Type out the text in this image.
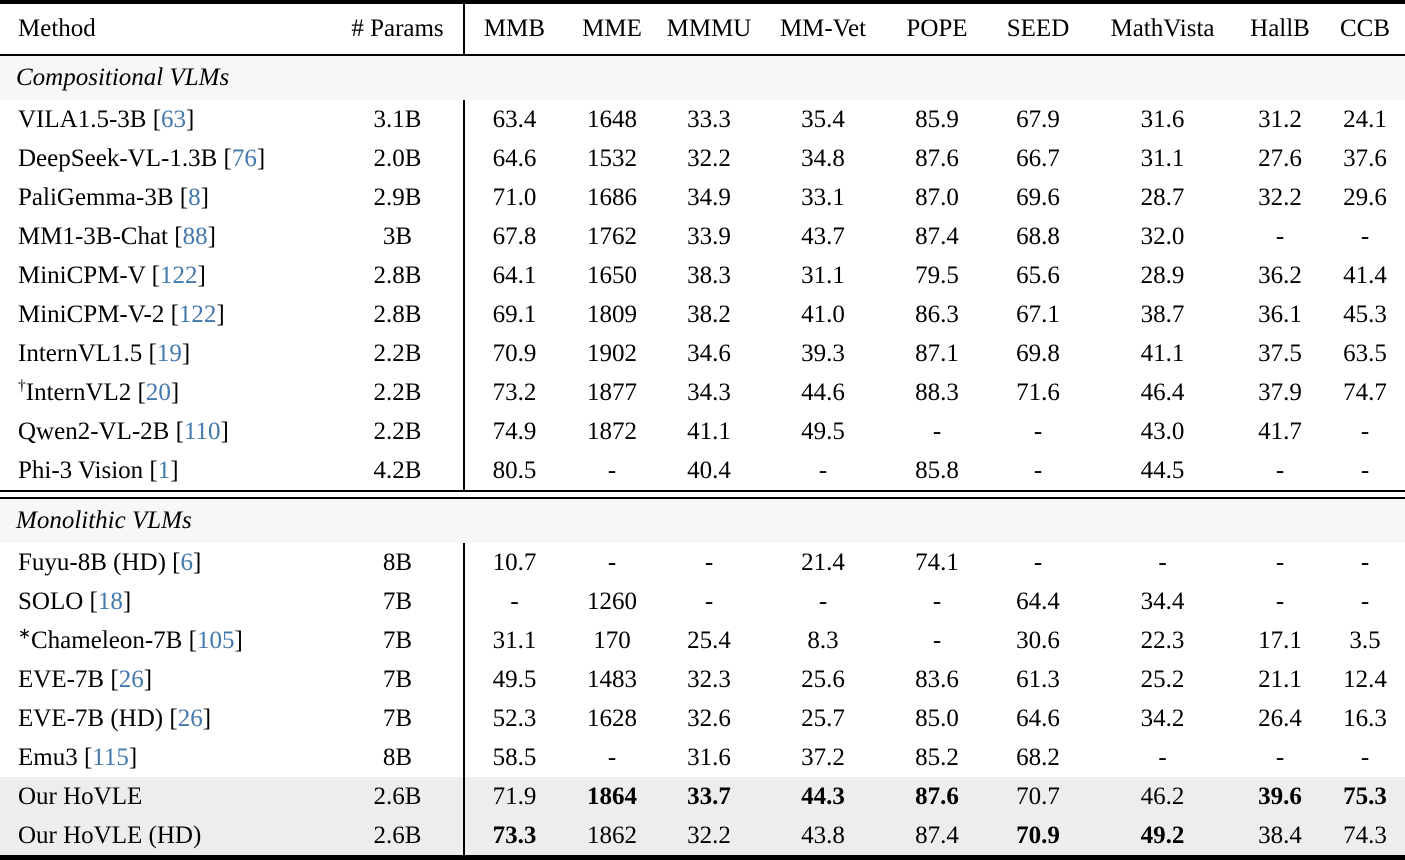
Method	# Params	MMB	MME	MMMU	MM-Vet	POPE	SEED	MathVista	HallB	CCB
Compositional VLMs										
VILA1.5-3B [63]	3.1B	63.4	1648	33.3	35.4	85.9	67.9	31.6	31.2	24.1
DeepSeek-VL-1.3B [76]	2.0B	64.6	1532	32.2	34.8	87.6	66.7	31.1	27.6	37.6
PaliGemma-3B [8]	2.9B	71.0	1686	34.9	33.1	87.0	69.6	28.7	32.2	29.6
MM1-3B-Chat [88]	3B	67.8	1762	33.9	43.7	87.4	68.8	32.0	-	-
MiniCPM-V [122]	2.8B	64.1	1650	38.3	31.1	79.5	65.6	28.9	36.2	41.4
MiniCPM-V-2 [122]	2.8B	69.1	1809	38.2	41.0	86.3	67.1	38.7	36.1	45.3
InternVL1.5 [19]	2.2B	70.9	1902	34.6	39.3	87.1	69.8	41.1	37.5	63.5
†InternVL2 [20]	2.2B	73.2	1877	34.3	44.6	88.3	71.6	46.4	37.9	74.7
Qwen2-VL-2B [110]	2.2B	74.9	1872	41.1	49.5	-	-	43.0	41.7	-
Phi-3 Vision [1]	4.2B	80.5	-	40.4	-	85.8	-	44.5	-	-

Monolithic VLMs										
Fuyu-8B (HD) [6]	8B	10.7	-	-	21.4	74.1	-	-	-	-
SOLO [18]	7B	-	1260	-	-	-	64.4	34.4	-	-
∗Chameleon-7B [105]	7B	31.1	170	25.4	8.3	-	30.6	22.3	17.1	3.5
EVE-7B [26]	7B	49.5	1483	32.3	25.6	83.6	61.3	25.2	21.1	12.4
EVE-7B (HD) [26]	7B	52.3	1628	32.6	25.7	85.0	64.6	34.2	26.4	16.3
Emu3 [115]	8B	58.5	-	31.6	37.2	85.2	68.2	-	-	-
Our HoVLE	2.6B	71.9	1864	33.7	44.3	87.6	70.7	46.2	39.6	75.3
Our HoVLE (HD)	2.6B	73.3	1862	32.2	43.8	87.4	70.9	49.2	38.4	74.3
